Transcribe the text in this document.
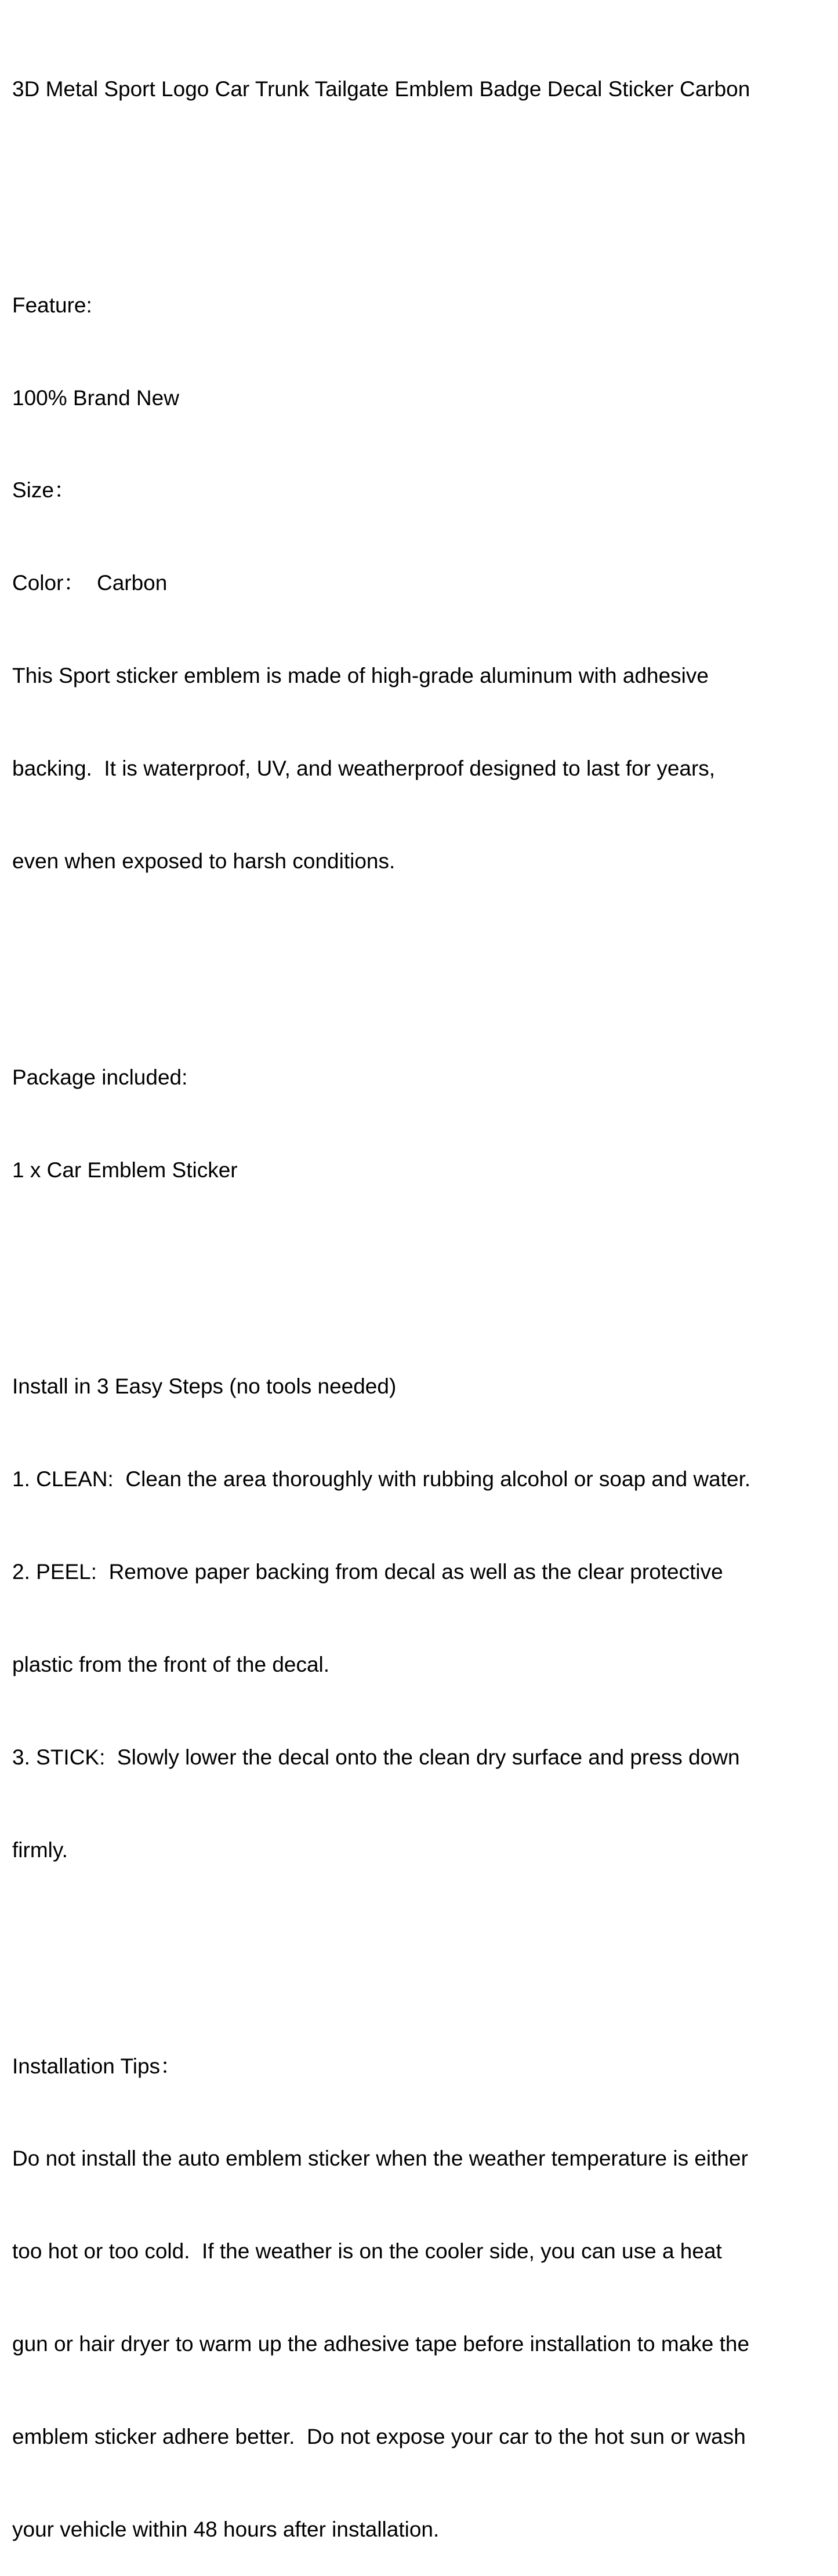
3D Metal Sport Logo Car Trunk Tailgate Emblem Badge Decal Sticker Carbon

Feature:

100% Brand New

Size：

Color：  Carbon

This Sport sticker emblem is made of high-grade aluminum with adhesive

backing.  It is waterproof, UV, and weatherproof designed to last for years,

even when exposed to harsh conditions.

Package included:

1 x Car Emblem Sticker

Install in 3 Easy Steps (no tools needed)

1. CLEAN:  Clean the area thoroughly with rubbing alcohol or soap and water.

2. PEEL:  Remove paper backing from decal as well as the clear protective

plastic from the front of the decal.

3. STICK:  Slowly lower the decal onto the clean dry surface and press down

firmly.

Installation Tips：

Do not install the auto emblem sticker when the weather temperature is either

too hot or too cold.  If the weather is on the cooler side, you can use a heat

gun or hair dryer to warm up the adhesive tape before installation to make the

emblem sticker adhere better.  Do not expose your car to the hot sun or wash

your vehicle within 48 hours after installation.
